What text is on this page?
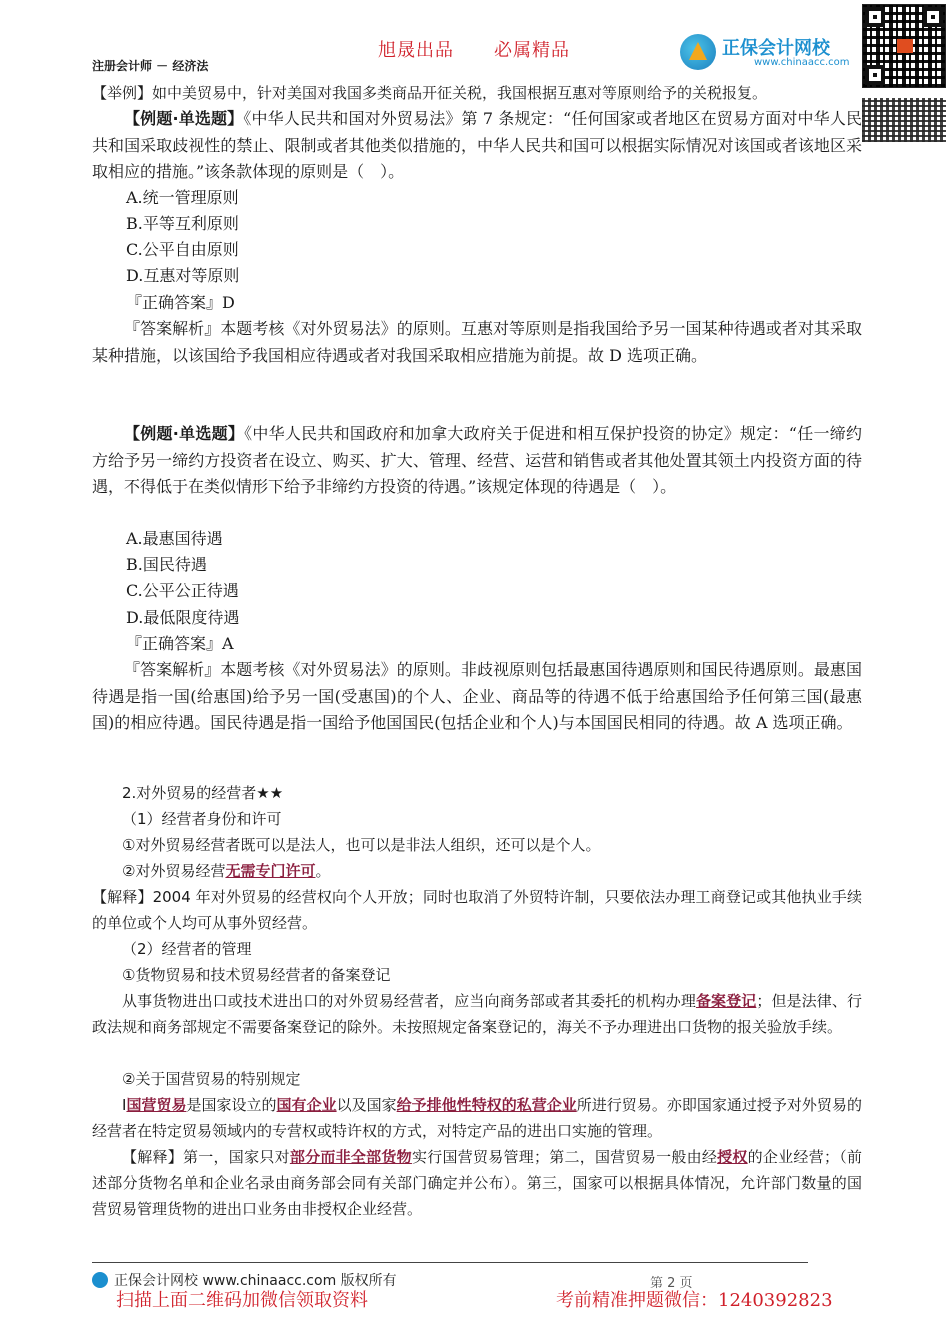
旭晟出品 必属精品
注册会计师 － 经济法
正保会计网校
www.chinaacc.com
【举例】如中美贸易中，针对美国对我国多类商品开征关税，我国根据互惠对等原则给予的关税报复。
【例题·单选题】《中华人民共和国对外贸易法》第 7 条规定：“任何国家或者地区在贸易方面对中华人民共和国采取歧视性的禁止、限制或者其他类似措施的，中华人民共和国可以根据实际情况对该国或者该地区采取相应的措施。”该条款体现的原则是（　）。
A.统一管理原则
B.平等互利原则
C.公平自由原则
D.互惠对等原则
『正确答案』D
『答案解析』本题考核《对外贸易法》的原则。互惠对等原则是指我国给予另一国某种待遇或者对其采取某种措施，以该国给予我国相应待遇或者对我国采取相应措施为前提。故 D 选项正确。
【例题·单选题】《中华人民共和国政府和加拿大政府关于促进和相互保护投资的协定》规定：“任一缔约方给予另一缔约方投资者在设立、购买、扩大、管理、经营、运营和销售或者其他处置其领土内投资方面的待遇，不得低于在类似情形下给予非缔约方投资的待遇。”该规定体现的待遇是（　）。
A.最惠国待遇
B.国民待遇
C.公平公正待遇
D.最低限度待遇
『正确答案』A
『答案解析』本题考核《对外贸易法》的原则。非歧视原则包括最惠国待遇原则和国民待遇原则。最惠国待遇是指一国(给惠国)给予另一国(受惠国)的个人、企业、商品等的待遇不低于给惠国给予任何第三国(最惠国)的相应待遇。国民待遇是指一国给予他国国民(包括企业和个人)与本国国民相同的待遇。故 A 选项正确。
2.对外贸易的经营者★★
（1）经营者身份和许可
①对外贸易经营者既可以是法人，也可以是非法人组织，还可以是个人。
②对外贸易经营无需专门许可。
【解释】2004 年对外贸易的经营权向个人开放；同时也取消了外贸特许制，只要依法办理工商登记或其他执业手续的单位或个人均可从事外贸经营。
（2）经营者的管理
①货物贸易和技术贸易经营者的备案登记
从事货物进出口或技术进出口的对外贸易经营者，应当向商务部或者其委托的机构办理备案登记；但是法律、行政法规和商务部规定不需要备案登记的除外。未按照规定备案登记的，海关不予办理进出口货物的报关验放手续。
②关于国营贸易的特别规定
Ⅰ国营贸易是国家设立的国有企业以及国家给予排他性特权的私营企业所进行贸易。亦即国家通过授予对外贸易的经营者在特定贸易领域内的专营权或特许权的方式，对特定产品的进出口实施的管理。
【解释】第一，国家只对部分而非全部货物实行国营贸易管理；第二，国营贸易一般由经授权的企业经营；（前述部分货物名单和企业名录由商务部会同有关部门确定并公布）。第三，国家可以根据具体情况，允许部门数量的国营贸易管理货物的进出口业务由非授权企业经营。
正保会计网校 www.chinaacc.com 版权所有	第 2 页
扫描上面二维码加微信领取资料	考前精准押题微信：1240392823
